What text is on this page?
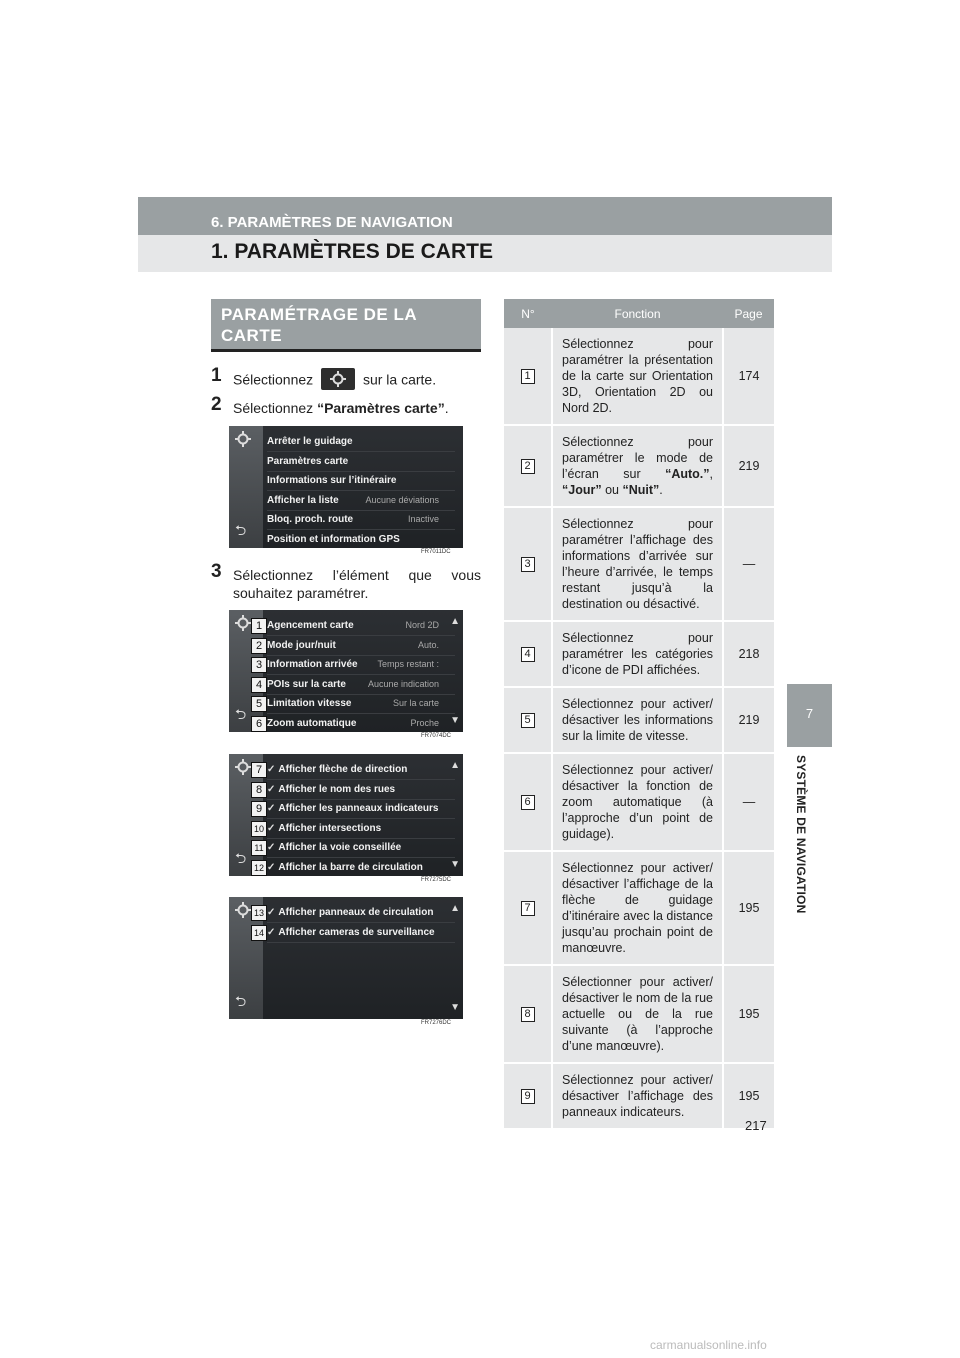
6. PARAMÈTRES DE NAVIGATION
1. PARAMÈTRES DE CARTE
7
SYSTÈME DE NAVIGATION
PARAMÉTRAGE DE LA CARTE
1 Sélectionnez	sur la carte.
2 Sélectionnez “Paramètres carte”.
3 Sélectionnez l’élément que vous souhaitez paramétrer.
⮌
Arrêter le guidage
Paramètres carte
Informations sur l’itinéraire
Afficher la liste	Aucune déviations
Bloq. proch. route	Inactive
Position et information GPS
⮌
▲
▼
Agencement carte	Nord 2D
1
Mode jour/nuit	Auto.
2
Information arrivée Temps restant :
3
POIs sur la carte Aucune indication
4
Limitation vitesse	Sur la carte
5
Zoom automatique	Proche
6
⮌
▲
▼
✓ Afficher flèche de direction
7
✓ Afficher le nom des rues
8
✓ Afficher les panneaux indicateurs
9
✓ Afficher intersections
10
✓ Afficher la voie conseillée
11
✓ Afficher la barre de circulation
12
⮌
▲
▼
✓ Afficher panneaux de circulation
13
✓ Afficher cameras de surveillance
14
N°	Fonction	Page
1	Sélectionnez pour paramétrer la présentation de la carte sur Orientation 3D, Orientation 2D ou Nord 2D.	174
2	Sélectionnez pour paramétrer le mode de l’écran sur “Auto.”, “Jour” ou “Nuit”.	219
3	Sélectionnez pour paramétrer l’affichage des informations d’arrivée sur l’heure d’arrivée, le temps restant jusqu’à la destination ou désactivé.	—
4	Sélectionnez pour paramétrer les catégories d’icone de PDI affichées.	218
5	Sélectionnez pour activer/ désactiver les informations sur la limite de vitesse.	219
6	Sélectionnez pour activer/ désactiver la fonction de zoom automatique (à l’approche d’un point de guidage).	—
7	Sélectionnez pour activer/ désactiver l’affichage de la flèche de guidage d’itinéraire avec la distance jusqu’au prochain point de manœuvre.	195
8	Sélectionner pour activer/ désactiver le nom de la rue actuelle ou de la rue suivante (à l’approche d’une manœuvre).	195
9	Sélectionnez pour activer/ désactiver l’affichage des panneaux indicateurs.	195
217
carmanualsonline.info
FR7011DC
FR7074DC
FR7275DC
FR7276DC
